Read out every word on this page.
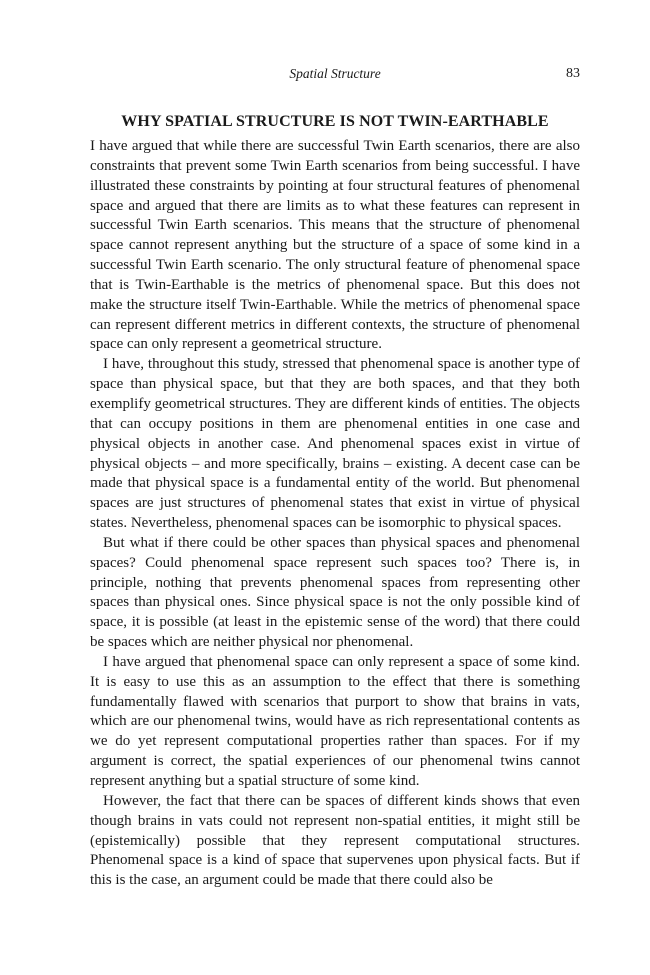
Spatial Structure	83
WHY SPATIAL STRUCTURE IS NOT TWIN-EARTHABLE

I have argued that while there are successful Twin Earth scenarios, there are also constraints that prevent some Twin Earth scenarios from being successful. I have illustrated these constraints by pointing at four structural features of phenomenal space and argued that there are limits as to what these features can represent in successful Twin Earth scenarios. This means that the structure of phenomenal space cannot represent anything but the structure of a space of some kind in a successful Twin Earth scenario. The only structural feature of phenomenal space that is Twin-Earthable is the metrics of phenomenal space. But this does not make the structure itself Twin-Earthable. While the metrics of phenomenal space can represent different metrics in different contexts, the structure of phenomenal space can only represent a geometrical structure.

I have, throughout this study, stressed that phenomenal space is another type of space than physical space, but that they are both spaces, and that they both exemplify geometrical structures. They are different kinds of entities. The objects that can occupy positions in them are phenomenal entities in one case and physical objects in another case. And phenomenal spaces exist in virtue of physical objects – and more specifically, brains – existing. A decent case can be made that physical space is a fundamental entity of the world. But phenomenal spaces are just structures of phenomenal states that exist in virtue of physical states. Nevertheless, phenomenal spaces can be isomorphic to physical spaces.

But what if there could be other spaces than physical spaces and phenomenal spaces? Could phenomenal space represent such spaces too? There is, in principle, nothing that prevents phenomenal spaces from representing other spaces than physical ones. Since physical space is not the only possible kind of space, it is possible (at least in the epistemic sense of the word) that there could be spaces which are neither physical nor phenomenal.

I have argued that phenomenal space can only represent a space of some kind. It is easy to use this as an assumption to the effect that there is something fundamentally flawed with scenarios that purport to show that brains in vats, which are our phenomenal twins, would have as rich representational contents as we do yet represent computational properties rather than spaces. For if my argument is correct, the spatial experiences of our phenomenal twins cannot represent anything but a spatial structure of some kind.

However, the fact that there can be spaces of different kinds shows that even though brains in vats could not represent non-spatial entities, it might still be (epistemically) possible that they represent computational structures. Phenomenal space is a kind of space that supervenes upon physical facts. But if this is the case, an argument could be made that there could also be
